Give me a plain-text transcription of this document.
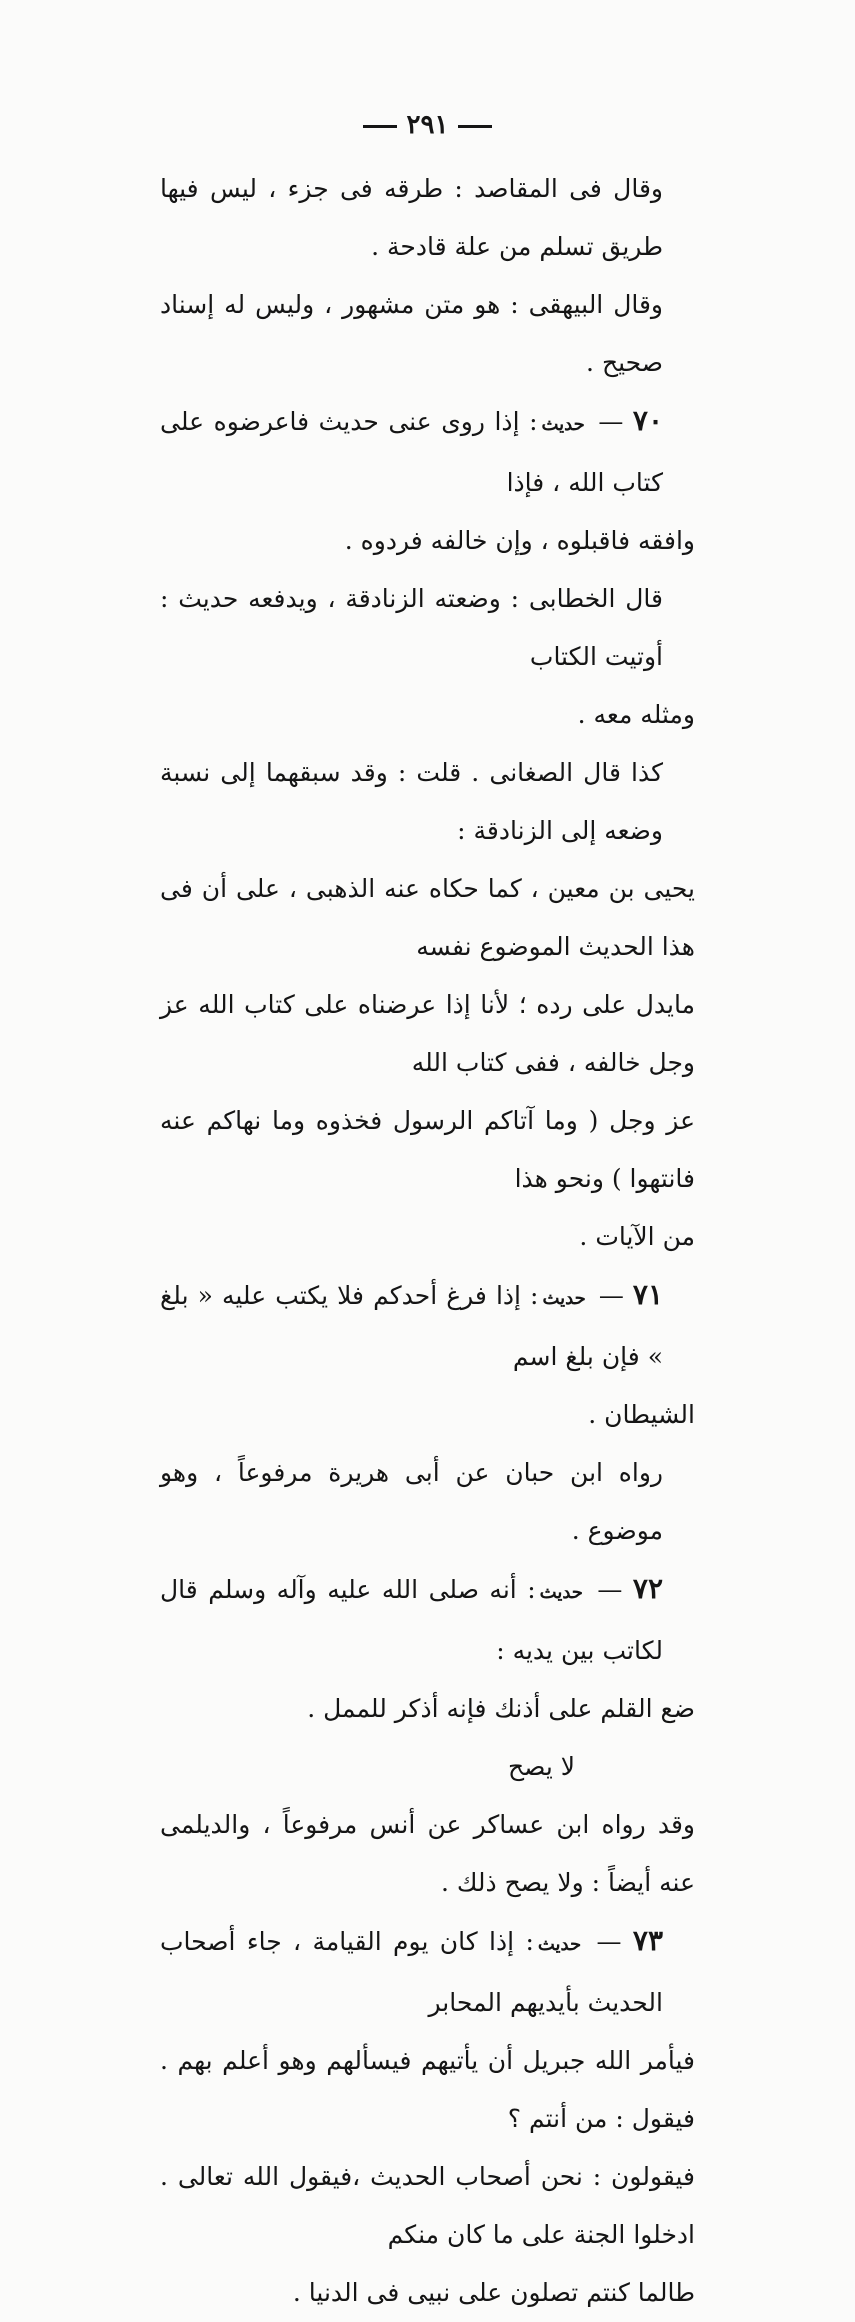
٢٩١

وقال فى المقاصد : طرقه فى جزء ، ليس فيها طريق تسلم من علة قادحة .

وقال البيهقى : هو متن مشهور ، وليس له إسناد صحيح .

٧٠ — حديث: إذا روى عنى حديث فاعرضوه على كتاب الله ، فإذا

وافقه فاقبلوه ، وإن خالفه فردوه .

قال الخطابى : وضعته الزنادقة ، ويدفعه حديث : أوتيت الكتاب

ومثله معه .

كذا قال الصغانى . قلت : وقد سبقهما إلى نسبة وضعه إلى الزنادقة :

يحيى بن معين ، كما حكاه عنه الذهبى ، على أن فى هذا الحديث الموضوع نفسه

مايدل على رده ؛ لأنا إذا عرضناه على كتاب الله عز وجل خالفه ، ففى كتاب الله

عز وجل ( وما آتاكم الرسول فخذوه وما نهاكم عنه فانتهوا ) ونحو هذا

من الآيات .

٧١ — حديث: إذا فرغ أحدكم فلا يكتب عليه « بلغ » فإن بلغ اسم

الشيطان .

رواه ابن حبان عن أبى هريرة مرفوعاً ، وهو موضوع .

٧٢ — حديث: أنه صلى الله عليه وآله وسلم قال لكاتب بين يديه :

ضع القلم على أذنك فإنه أذكر للممل .

لا يصح

وقد رواه ابن عساكر عن أنس مرفوعاً ، والديلمى عنه أيضاً : ولا يصح ذلك .

٧٣ — حديث: إذا كان يوم القيامة ، جاء أصحاب الحديث بأيديهم المحابر

فيأمر الله جبريل أن يأتيهم فيسألهم وهو أعلم بهم . فيقول : من أنتم ؟

فيقولون : نحن أصحاب الحديث ،فيقول الله تعالى . ادخلوا الجنة على ما كان منكم

طالما كنتم تصلون على نبيى فى الدنيا .
